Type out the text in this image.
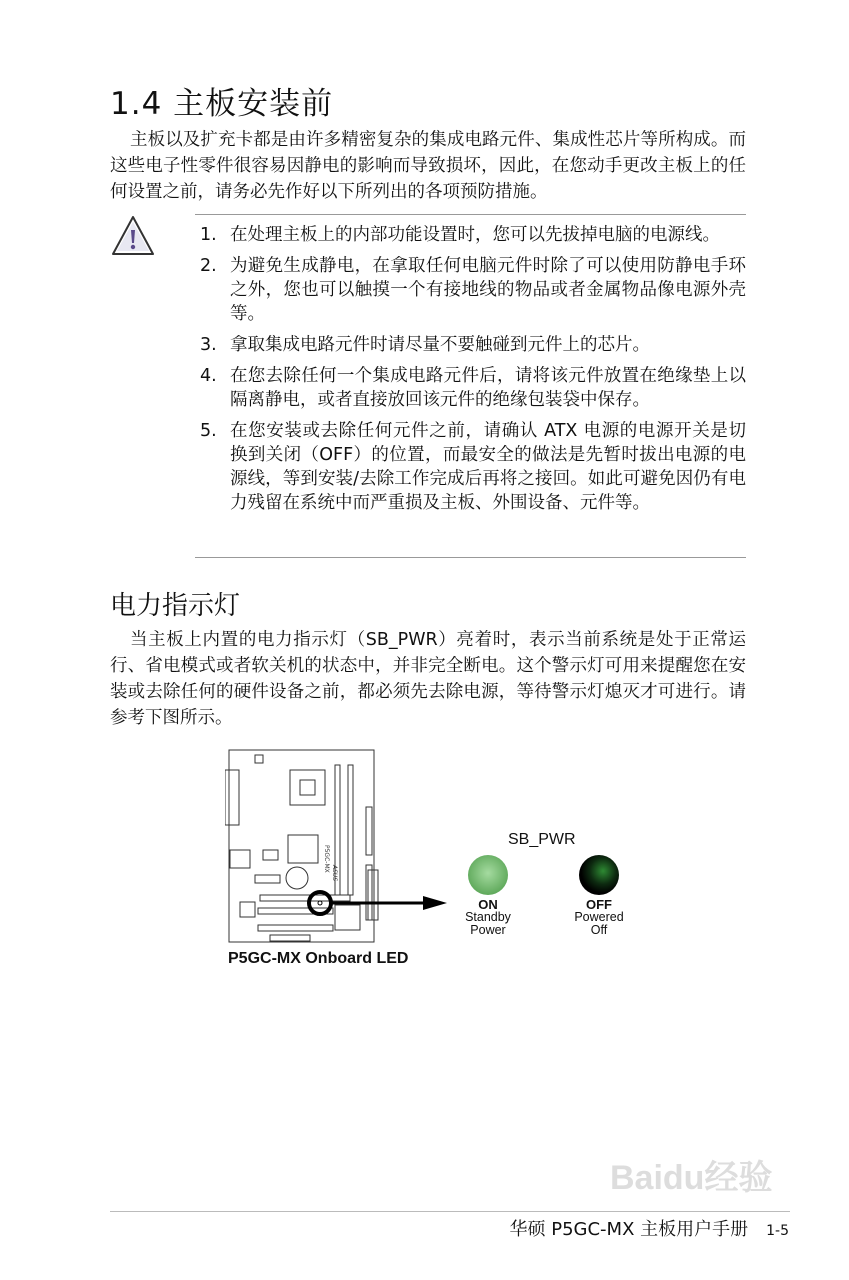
1.4 主板安装前

主板以及扩充卡都是由许多精密复杂的集成电路元件、集成性芯片等所构成。而这些电子性零件很容易因静电的影响而导致损坏，因此，在您动手更改主板上的任何设置之前，请务必先作好以下所列出的各项预防措施。

1. 在处理主板上的内部功能设置时，您可以先拔掉电脑的电源线。
2. 为避免生成静电，在拿取任何电脑元件时除了可以使用防静电手环之外，您也可以触摸一个有接地线的物品或者金属物品像电源外壳等。
3. 拿取集成电路元件时请尽量不要触碰到元件上的芯片。
4. 在您去除任何一个集成电路元件后，请将该元件放置在绝缘垫上以隔离静电，或者直接放回该元件的绝缘包装袋中保存。
5. 在您安装或去除任何元件之前，请确认 ATX 电源的电源开关是切换到关闭（OFF）的位置，而最安全的做法是先暂时拔出电源的电源线，等到安装/去除工作完成后再将之接回。如此可避免因仍有电力残留在系统中而严重损及主板、外围设备、元件等。
电力指示灯

当主板上内置的电力指示灯（SB_PWR）亮着时，表示当前系统是处于正常运行、省电模式或者软关机的状态中，并非完全断电。这个警示灯可用来提醒您在安装或去除任何的硬件设备之前，都必须先去除电源，等待警示灯熄灭才可进行。请参考下图所示。

P5GC-MX
ASUS
SB_PWR
ON
Standby
Power
OFF
Powered
Off
P5GC-MX Onboard LED
Baidu经验
华硕 P5GC-MX 主板用户手册 1-5
